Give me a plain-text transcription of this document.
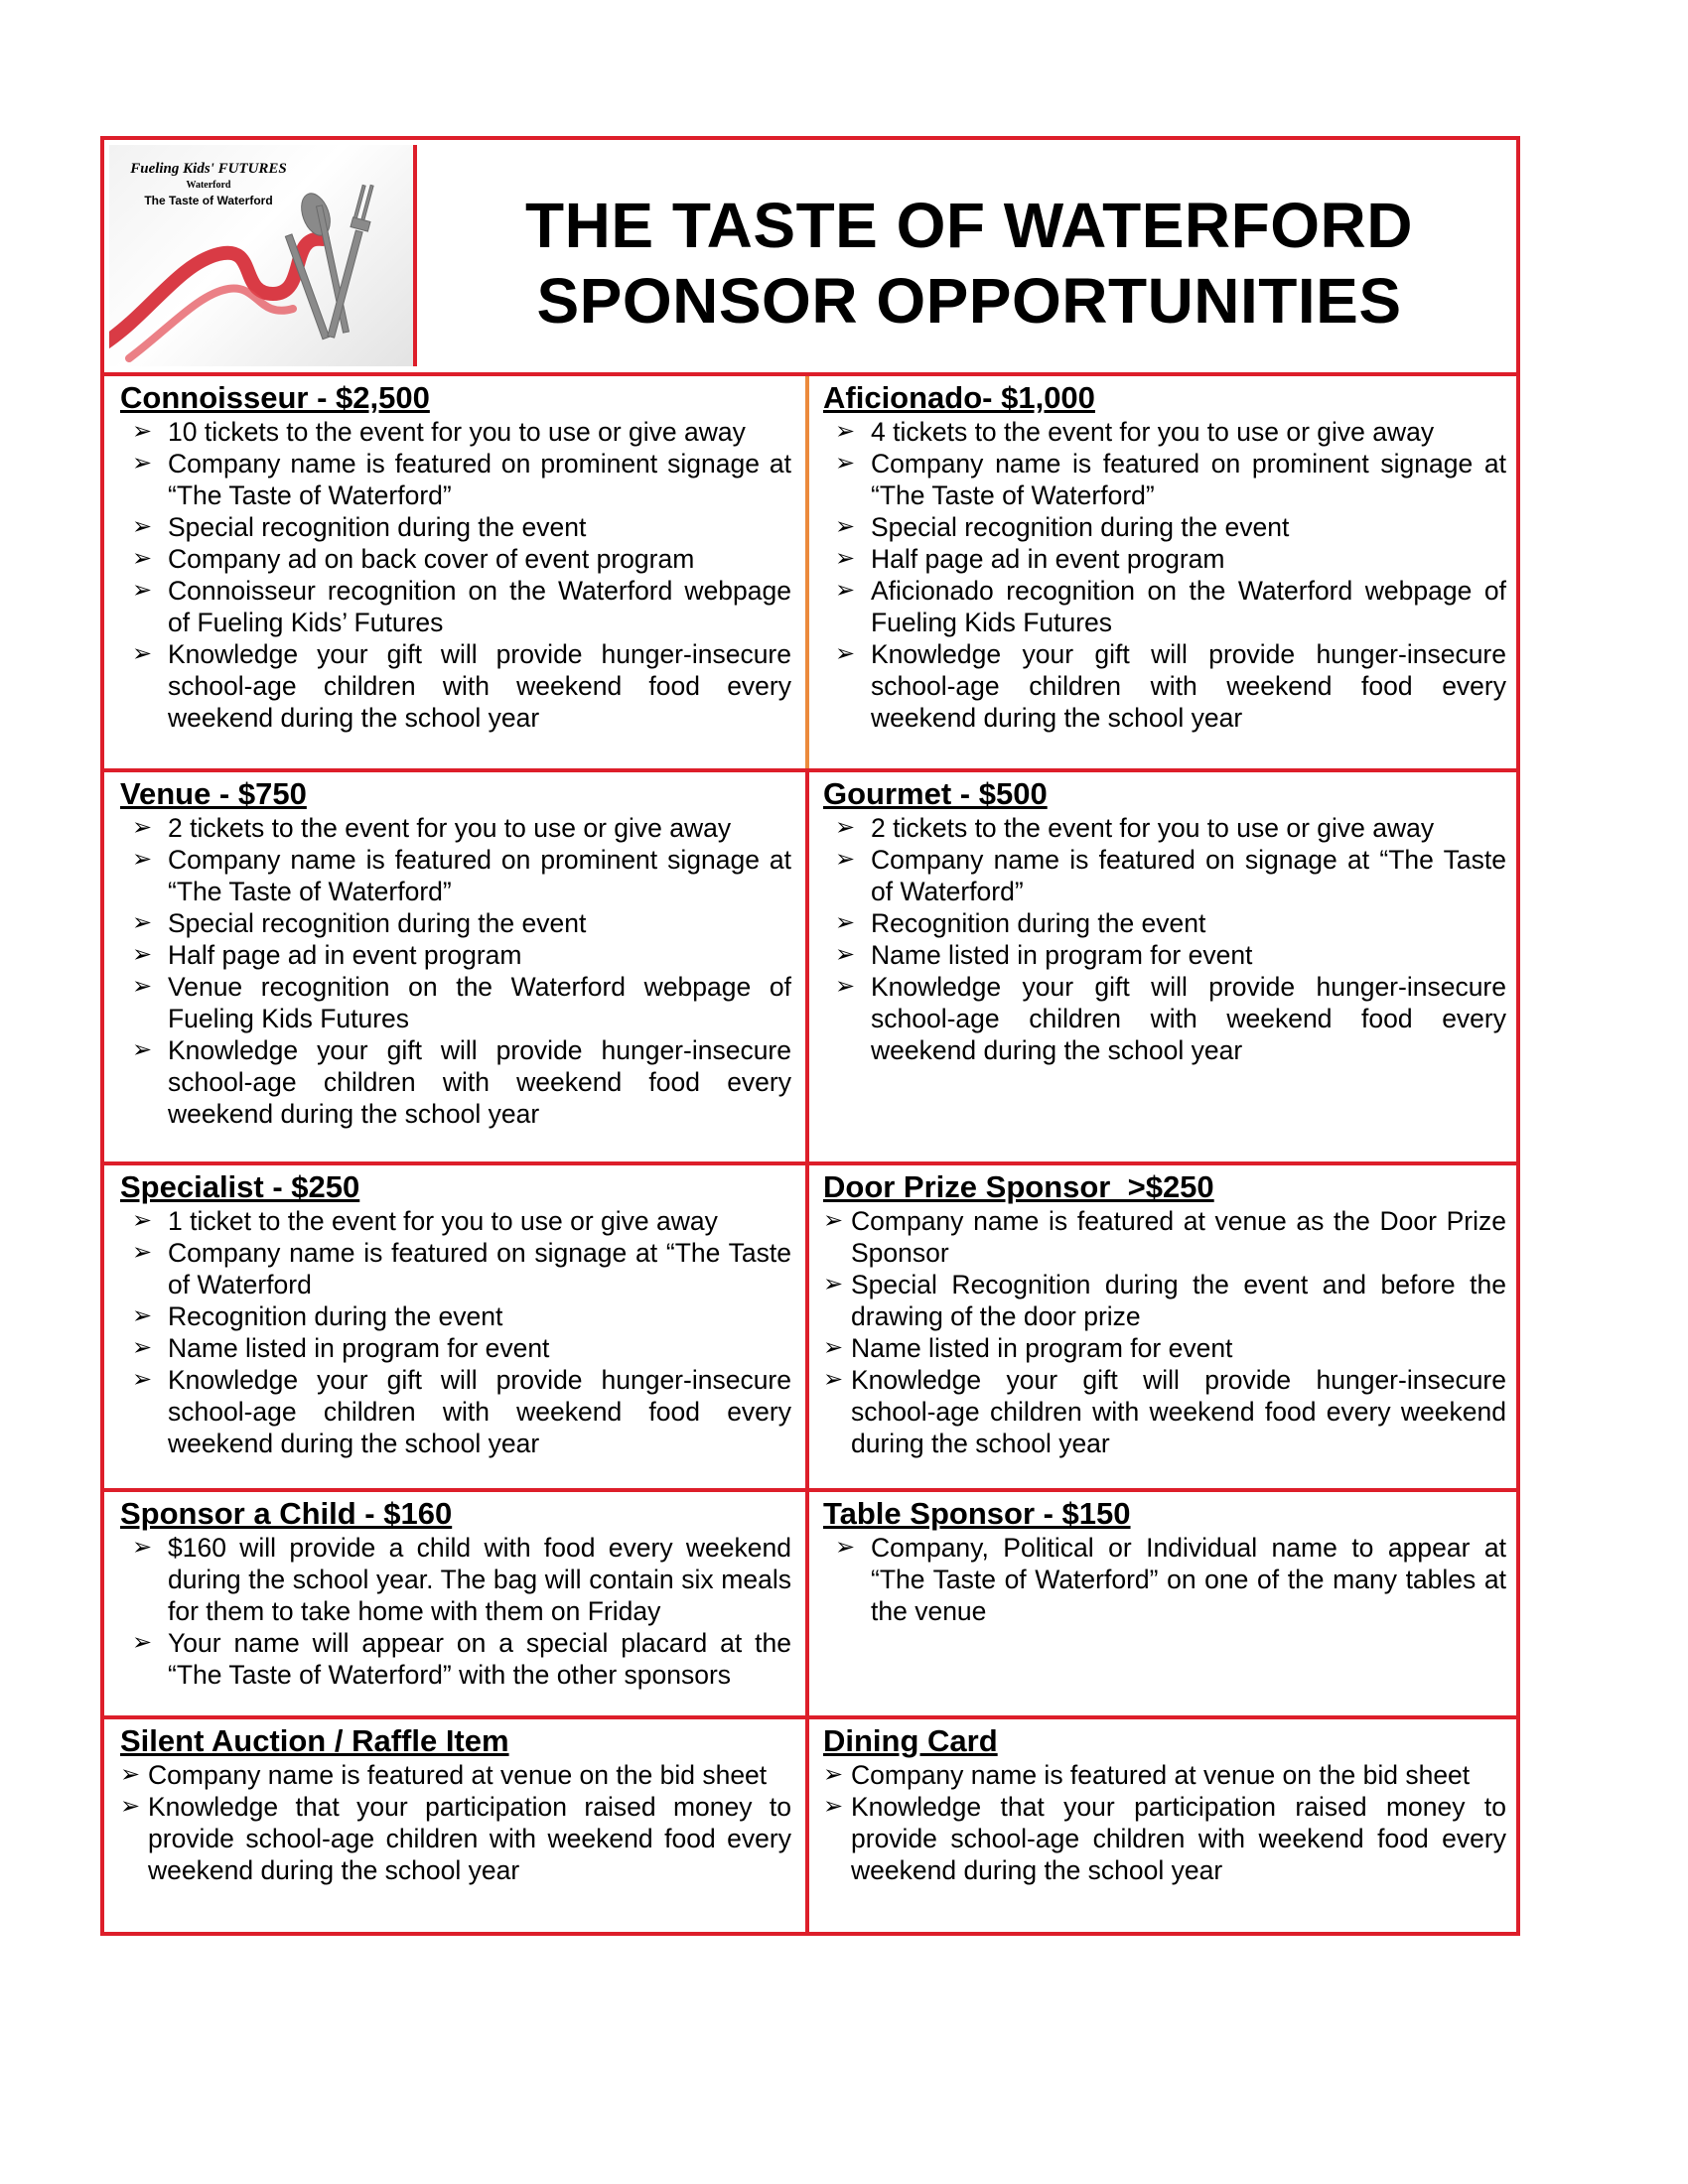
Fueling Kids' FUTURES
Waterford
The Taste of Waterford	THE TASTE OF WATERFORD
SPONSOR OPPORTUNITIES
Connoisseur - $2,500
➢ 10 tickets to the event for you to use or give away
➢ Company name is featured on prominent signage at “The Taste of Waterford”
➢ Special recognition during the event
➢ Company ad on back cover of event program
➢ Connoisseur recognition on the Waterford webpage of Fueling Kids’ Futures
➢ Knowledge your gift will provide hunger-insecure school-age children with weekend food every weekend during the school year
Aficionado- $1,000
➢ 4 tickets to the event for you to use or give away
➢ Company name is featured on prominent signage at “The Taste of Waterford”
➢ Special recognition during the event
➢ Half page ad in event program
➢ Aficionado recognition on the Waterford webpage of Fueling Kids Futures
➢ Knowledge your gift will provide hunger-insecure school-age children with weekend food every weekend during the school year
Venue - $750
➢ 2 tickets to the event for you to use or give away
➢ Company name is featured on prominent signage at “The Taste of Waterford”
➢ Special recognition during the event
➢ Half page ad in event program
➢ Venue recognition on the Waterford webpage of Fueling Kids Futures
➢ Knowledge your gift will provide hunger-insecure school-age children with weekend food every weekend during the school year
Gourmet - $500
➢ 2 tickets to the event for you to use or give away
➢ Company name is featured on signage at “The Taste of Waterford”
➢ Recognition during the event
➢ Name listed in program for event
➢ Knowledge your gift will provide hunger-insecure school-age children with weekend food every weekend during the school year
Specialist - $250
➢ 1 ticket to the event for you to use or give away
➢ Company name is featured on signage at “The Taste of Waterford
➢ Recognition during the event
➢ Name listed in program for event
➢ Knowledge your gift will provide hunger-insecure school-age children with weekend food every weekend during the school year
Door Prize Sponsor  >$250
➢ Company name is featured at venue as the Door Prize Sponsor
➢ Special Recognition during the event and before the drawing of the door prize
➢ Name listed in program for event
➢ Knowledge your gift will provide hunger-insecure school-age children with weekend food every weekend during the school year
Sponsor a Child - $160
➢ $160 will provide a child with food every weekend during the school year. The bag will contain six meals for them to take home with them on Friday
➢ Your name will appear on a special placard at the “The Taste of Waterford” with the other sponsors
Table Sponsor - $150
➢ Company, Political or Individual name to appear at “The Taste of Waterford” on one of the many tables at the venue
Silent Auction / Raffle Item
➢ Company name is featured at venue on the bid sheet
➢ Knowledge that your participation raised money to provide school-age children with weekend food every weekend during the school year
Dining Card
➢ Company name is featured at venue on the bid sheet
➢ Knowledge that your participation raised money to provide school-age children with weekend food every weekend during the school year
